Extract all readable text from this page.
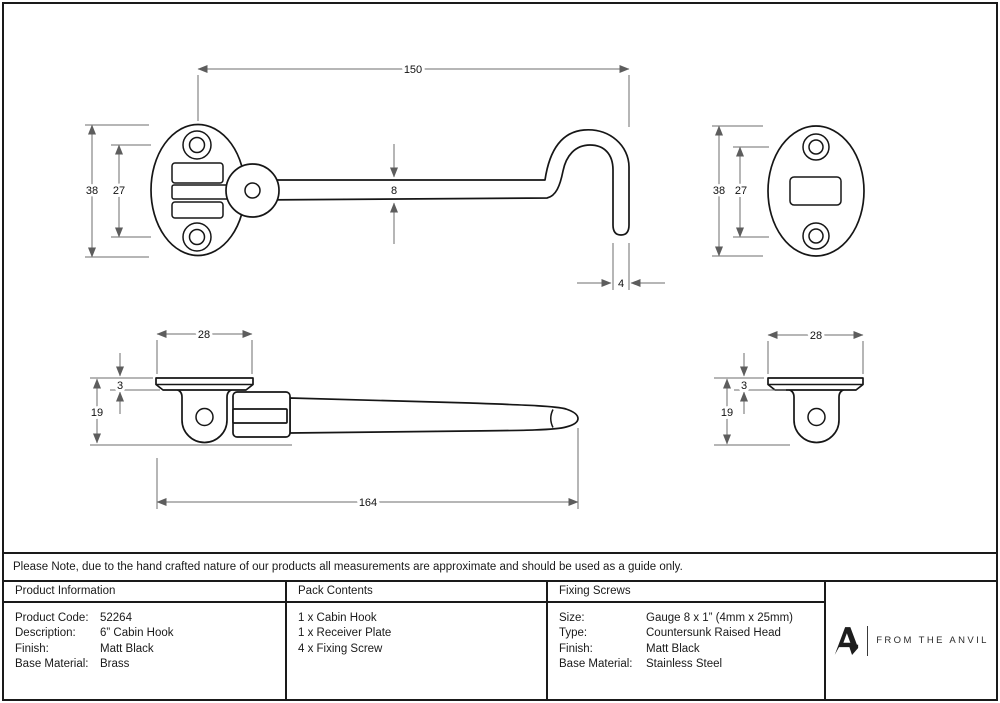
150
38 27	8
4
38 27
28
3
19
164
28
3
19
Please Note, due to the hand crafted nature of our products all measurements are approximate and should be used as a guide only.
Product Information
Product Code: 52264
Description:	6” Cabin Hook
Finish:	Matt Black
Base Material: Brass
Pack Contents
1 x Cabin Hook
1 x Receiver Plate
4 x Fixing Screw
Fixing Screws
Size:	Gauge 8 x 1” (4mm x 25mm)
Type:	Countersunk Raised Head
Finish:	Matt Black
Base Material:	Stainless Steel
FROM THE ANVIL
